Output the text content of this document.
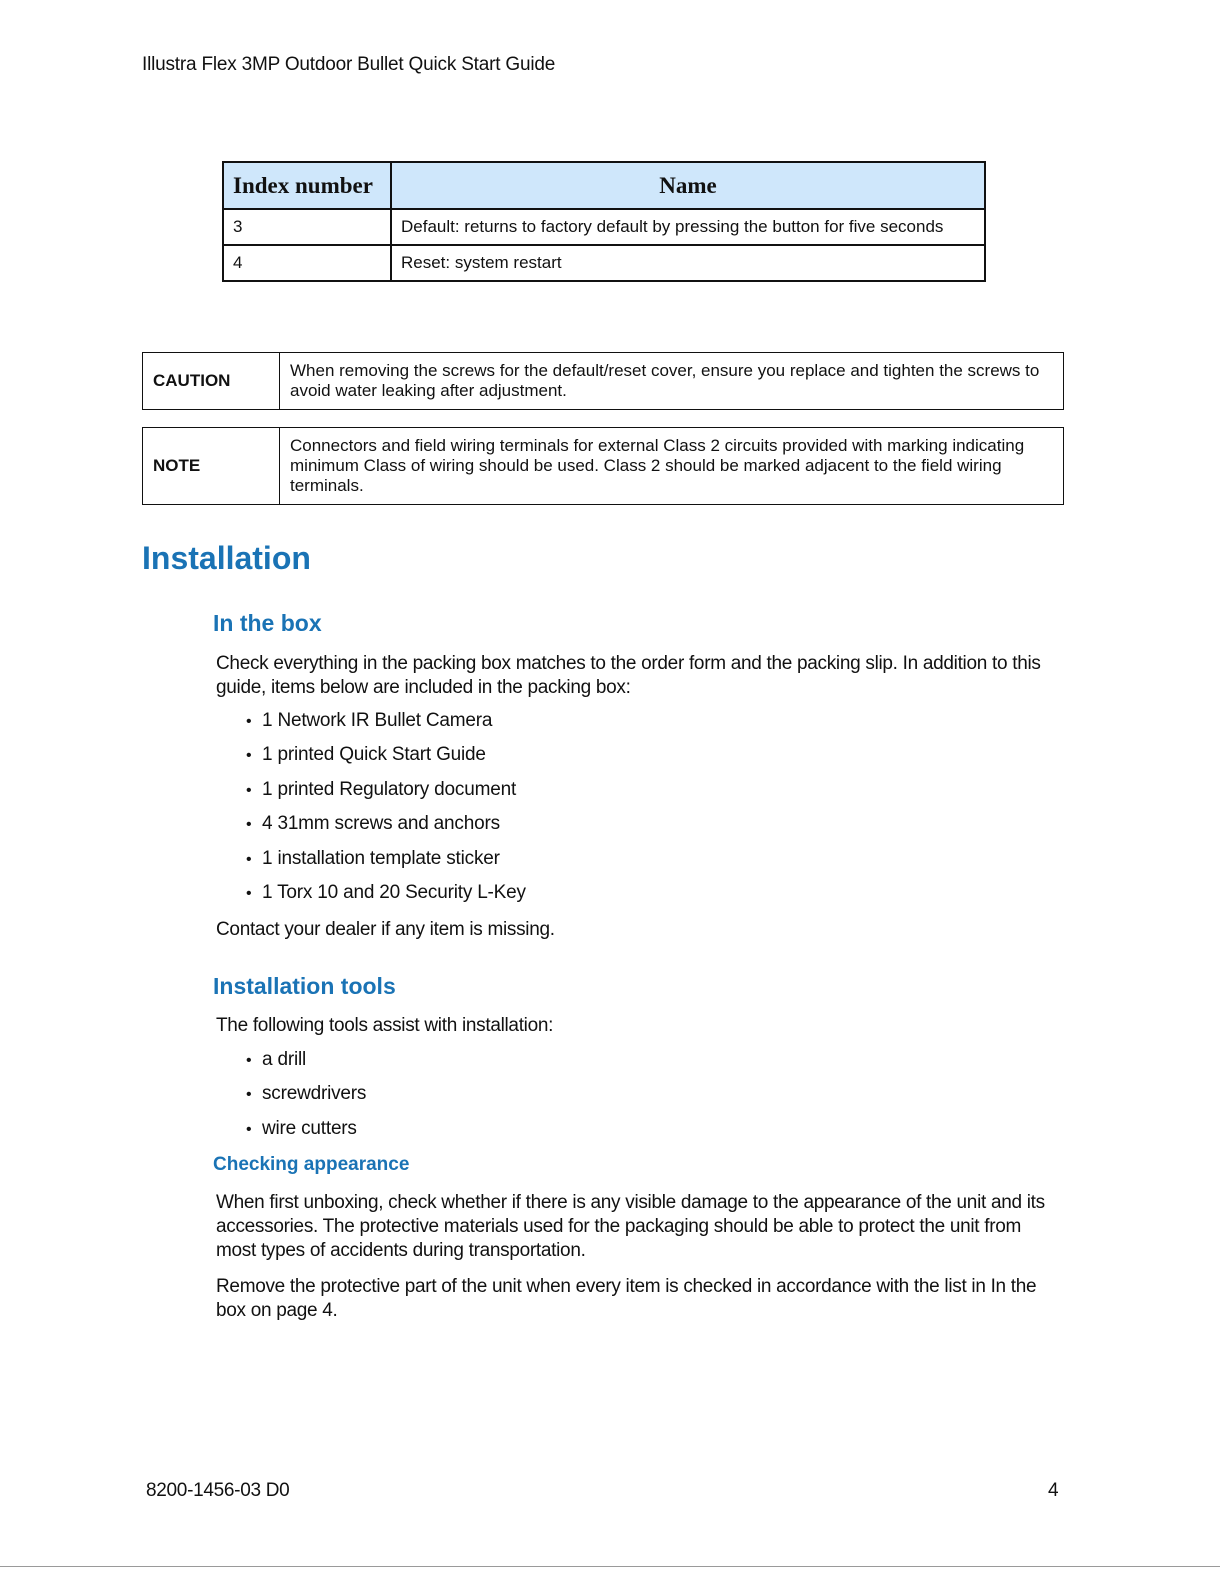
Illustra Flex 3MP Outdoor Bullet Quick Start Guide
Index number	Name
3	Default: returns to factory default by pressing the button for five seconds
4	Reset: system restart
CAUTION	When removing the screws for the default/reset cover, ensure you replace and tighten the screws to avoid water leaking after adjustment.
NOTE	Connectors and field wiring terminals for external Class 2 circuits provided with marking indicating minimum Class of wiring should be used. Class 2 should be marked adjacent to the field wiring terminals.
Installation
In the box

Check everything in the packing box matches to the order form and the packing slip. In addition to this guide, items below are included in the packing box:

• 1 Network IR Bullet Camera
• 1 printed Quick Start Guide
• 1 printed Regulatory document
• 4 31mm screws and anchors
• 1 installation template sticker
• 1 Torx 10 and 20 Security L-Key

Contact your dealer if any item is missing.

Installation tools

The following tools assist with installation:

• a drill
• screwdrivers
• wire cutters
Checking appearance

When first unboxing, check whether if there is any visible damage to the appearance of the unit and its accessories. The protective materials used for the packaging should be able to protect the unit from most types of accidents during transportation.

Remove the protective part of the unit when every item is checked in accordance with the list in In the box on page 4.

8200-1456-03 D0	4
